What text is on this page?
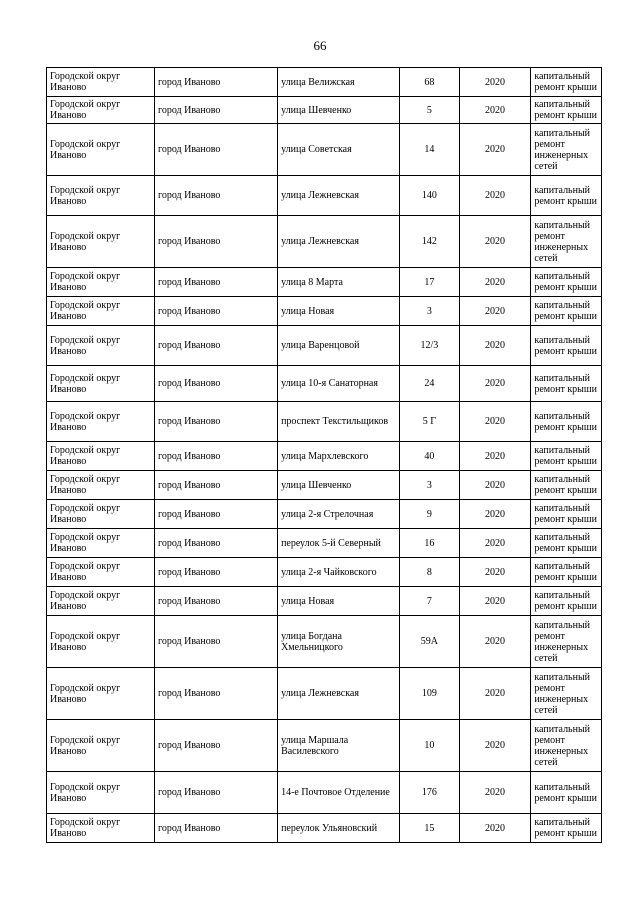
66
Городской округ Иваново	город Иваново	улица Велижская	68	2020	капитальный ремонт крыши
Городской округ Иваново	город Иваново	улица Шевченко	5	2020	капитальный ремонт крыши
Городской округ Иваново	город Иваново	улица Советская	14	2020	капитальный ремонт инженерных сетей
Городской округ Иваново	город Иваново	улица Лежневская	140	2020	капитальный ремонт крыши
Городской округ Иваново	город Иваново	улица Лежневская	142	2020	капитальный ремонт инженерных сетей
Городской округ Иваново	город Иваново	улица 8 Марта	17	2020	капитальный ремонт крыши
Городской округ Иваново	город Иваново	улица Новая	3	2020	капитальный ремонт крыши
Городской округ Иваново	город Иваново	улица Варенцовой	12/3	2020	капитальный ремонт крыши
Городской округ Иваново	город Иваново	улица 10-я Санаторная	24	2020	капитальный ремонт крыши
Городской округ Иваново	город Иваново	проспект Текстильщиков	5 Г	2020	капитальный ремонт крыши
Городской округ Иваново	город Иваново	улица Мархлевского	40	2020	капитальный ремонт крыши
Городской округ Иваново	город Иваново	улица Шевченко	3	2020	капитальный ремонт крыши
Городской округ Иваново	город Иваново	улица 2-я Стрелочная	9	2020	капитальный ремонт крыши
Городской округ Иваново	город Иваново	переулок 5-й Северный	16	2020	капитальный ремонт крыши
Городской округ Иваново	город Иваново	улица 2-я Чайковского	8	2020	капитальный ремонт крыши
Городской округ Иваново	город Иваново	улица Новая	7	2020	капитальный ремонт крыши
Городской округ Иваново	город Иваново	улица Богдана Хмельницкого	59А	2020	капитальный ремонт инженерных сетей
Городской округ Иваново	город Иваново	улица Лежневская	109	2020	капитальный ремонт инженерных сетей
Городской округ Иваново	город Иваново	улица Маршала Василевского	10	2020	капитальный ремонт инженерных сетей
Городской округ Иваново	город Иваново	14-е Почтовое Отделение	176	2020	капитальный ремонт крыши
Городской округ Иваново	город Иваново	переулок Ульяновский	15	2020	капитальный ремонт крыши
